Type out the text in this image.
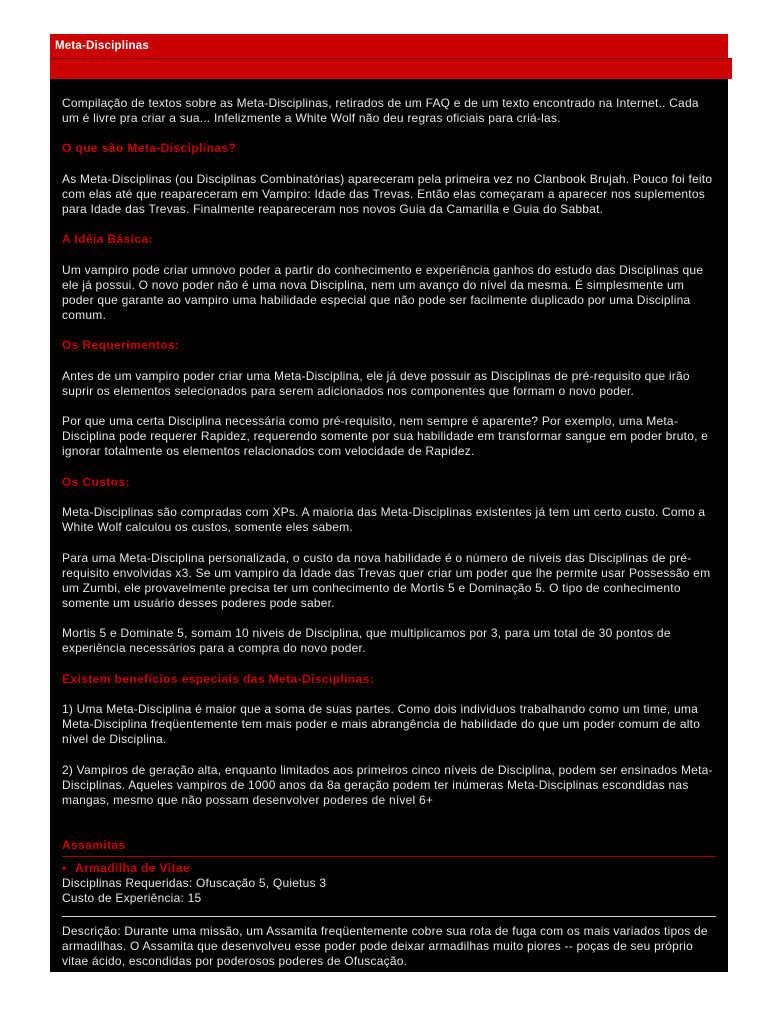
Meta-Disciplinas

Compilação de textos sobre as Meta-Disciplinas, retirados de um FAQ e de um texto encontrado na Internet.. Cada um é livre pra criar a sua... Infelizmente a White Wolf não deu regras oficiais para criá-las.

O que são Meta-Disciplinas?

As Meta-Disciplinas (ou Disciplinas Combinatórias) apareceram pela primeira vez no Clanbook Brujah. Pouco foi feito com elas até que reapareceram em Vampiro: Idade das Trevas. Então elas começaram a aparecer nos suplementos para Idade das Trevas. Finalmente reapareceram nos novos Guia da Camarilla e Guia do Sabbat.

A Idéia Básica:

Um vampiro pode criar umnovo poder a partir do conhecimento e experiência ganhos do estudo das Disciplinas que ele já possui. O novo poder não é uma nova Disciplina, nem um avanço do nível da mesma. É simplesmente um poder que garante ao vampiro uma habilidade especial que não pode ser facilmente duplicado por uma Disciplina comum.

Os Requerimentos:

Antes de um vampiro poder criar uma Meta-Disciplina, ele já deve possuir as Disciplinas de pré-requisito que irão suprir os elementos selecionados para serem adicionados nos componentes que formam o novo poder.

Por que uma certa Disciplina necessária como pré-requisito, nem sempre é aparente? Por exemplo, uma Meta-Disciplina pode requerer Rapidez, requerendo somente por sua habilidade em transformar sangue em poder bruto, e ignorar totalmente os elementos relacionados com velocidade de Rapidez.

Os Custos:

Meta-Disciplinas são compradas com XPs. A maioria das Meta-Disciplinas existentes já tem um certo custo. Como a White Wolf calculou os custos, somente eles sabem.

Para uma Meta-Disciplina personalizada, o custo da nova habilidade é o número de níveis das Disciplinas de pré-requisito envolvidas x3. Se um vampiro da Idade das Trevas quer criar um poder que lhe permite usar Possessão em um Zumbi, ele provavelmente precisa ter um conhecimento de Mortis 5 e Dominação 5. O tipo de conhecimento somente um usuário desses poderes pode saber.

Mortis 5 e Dominate 5, somam 10 niveis de Disciplina, que multiplicamos por 3, para um total de 30 pontos de experiência necessários para a compra do novo poder.

Existem benefícios especiais das Meta-Disciplinas:

1) Uma Meta-Disciplina é maior que a soma de suas partes. Como dois individuos trabalhando como um time, uma Meta-Disciplina freqüentemente tem mais poder e mais abrangência de habilidade do que um poder comum de alto nível de Disciplina.

2) Vampiros de geração alta, enquanto limitados aos primeiros cinco níveis de Disciplina, podem ser ensinados Meta-Disciplinas. Aqueles vampiros de 1000 anos da 8a geração podem ter inúmeras Meta-Disciplinas escondidas nas mangas, mesmo que não possam desenvolver poderes de nível 6+

Assamitas
• Armadilha de Vitae
Disciplinas Requeridas: Ofuscação 5, Quietus 3
Custo de Experiência: 15
Descrição: Durante uma missão, um Assamita freqüentemente cobre sua rota de fuga com os mais variados tipos de armadilhas. O Assamita que desenvolveu esse poder pode deixar armadilhas muito piores -- poças de seu próprio vitae ácido, escondidas por poderosos poderes de Ofuscação.
